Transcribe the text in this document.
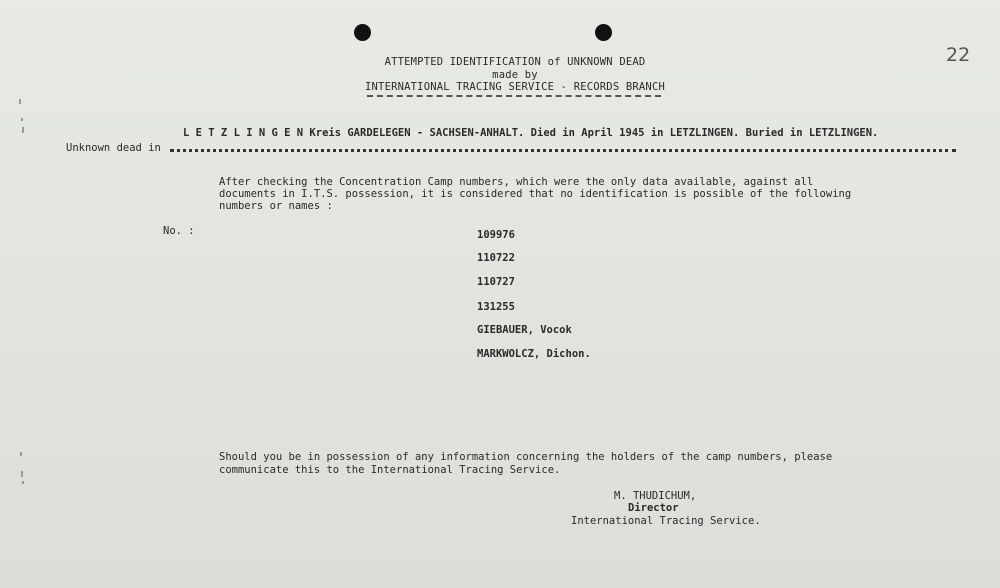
22
ATTEMPTED IDENTIFICATION of UNKNOWN DEAD
made by
INTERNATIONAL TRACING SERVICE - RECORDS BRANCH
L E T Z L I N G E N Kreis GARDELEGEN - SACHSEN-ANHALT. Died in April 1945 in LETZLINGEN. Buried in LETZLINGEN.
Unknown dead in
After checking the Concentration Camp numbers, which were the only data available, against all documents in I.T.S. possession, it is considered that no identification is possible of the following numbers or names :
No. :	109976
110722
110727
131255
GIEBAUER, Vocok
MARKWOLCZ, Dichon.
Should you be in possession of any information concerning the holders of the camp numbers, please communicate this to the International Tracing Service.
M. THUDICHUM,
Director
International Tracing Service.
